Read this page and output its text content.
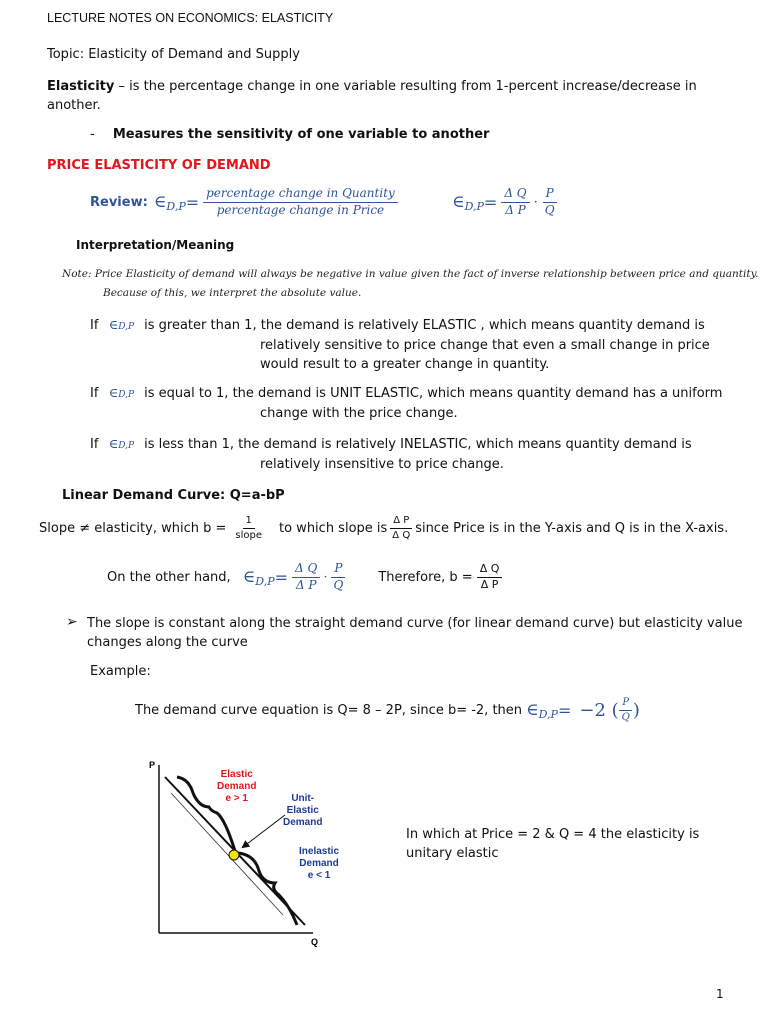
LECTURE NOTES ON ECONOMICS: ELASTICITY
Topic: Elasticity of Demand and Supply
Elasticity – is the percentage change in one variable resulting from 1-percent increase/decrease in another.
- Measures the sensitivity of one variable to another
PRICE ELASTICITY OF DEMAND
Review: ∈ $D,P = \frac{\text{percentage change in Quantity}}{\text{percentage change in Price}}$	∈ $D,P = \frac{\text{Δ Q}}{\text{Δ P}} \cdot \frac{P}{Q}$
Interpretation/Meaning
Note: Price Elasticity of demand will always be negative in value given the fact of inverse relationship between price and quantity.
Because of this, we interpret the absolute value.
If ∈D,P is greater than 1, the demand is relatively ELASTIC , which means quantity demand is
relatively sensitive to price change that even a small change in price
would result to a greater change in quantity.
If ∈D,P is equal to 1, the demand is UNIT ELASTIC, which means quantity demand has a uniform
change with the price change.
If ∈D,P is less than 1, the demand is relatively INELASTIC, which means quantity demand is
relatively insensitive to price change.
Linear Demand Curve: Q=a-bP
Slope ≠ elasticity, which $b = \frac{1}{\text{slope}}$ to which slope is $\frac{\text{Δ P}}{\text{Δ Q}}$ since Price is in the Y-axis and Q is in the X-axis.
On the other hand, ∈ $D,P = \frac{\text{Δ Q}}{\text{Δ P}} \cdot \frac{P}{Q}$ Therefore, $b = \frac{\text{Δ Q}}{\text{Δ P}}$
➢ The slope is constant along the straight demand curve (for linear demand curve) but elasticity value changes along the curve
Example:
The demand curve equation is Q= 8 – 2P, since b= -2, then ∈ D,P = −2 ( $\frac{P}{Q}$ )
P
Q
Elastic
Demand
e > 1	Unit-
Elastic
Demand
Inelastic
Demand
e < 1
In which at Price = 2 & Q = 4 the elasticity is unitary elastic
1
